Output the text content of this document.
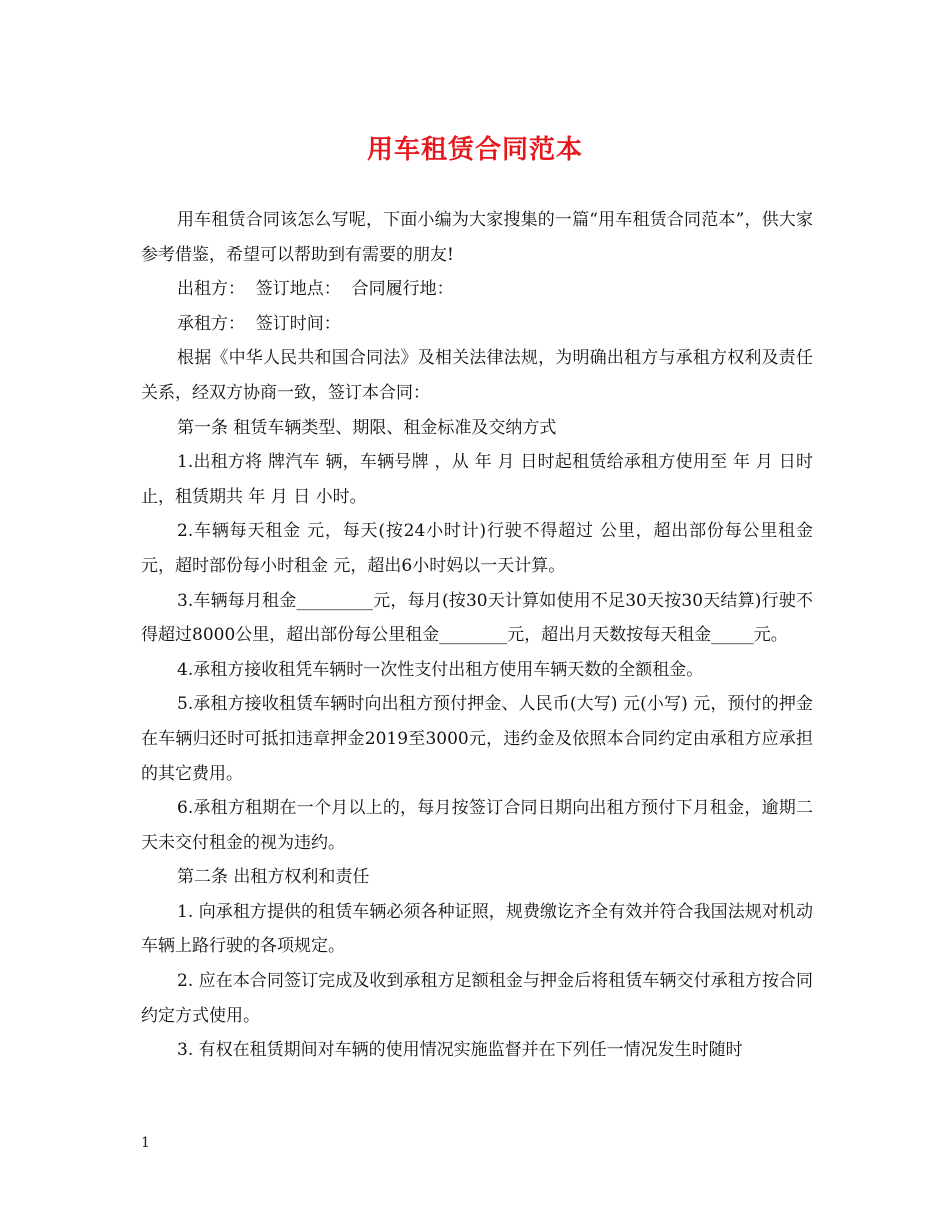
用车租赁合同范本

用车租赁合同该怎么写呢，下面小编为大家搜集的一篇“用车租赁合同范本”，供大家参考借鉴，希望可以帮助到有需要的朋友!

出租方：  签订地点：  合同履行地：

承租方：  签订时间：

根据《中华人民共和国合同法》及相关法律法规，为明确出租方与承租方权利及责任关系，经双方协商一致，签订本合同：

第一条 租赁车辆类型、期限、租金标准及交纳方式

1.出租方将 牌汽车 辆，车辆号牌 ，从 年 月 日时起租赁给承租方使用至 年 月 日时止，租赁期共 年 月 日 小时。

2.车辆每天租金 元，每天(按24小时计)行驶不得超过 公里，超出部份每公里租金 元，超时部份每小时租金 元，超出6小时妈以一天计算。

3.车辆每月租金_________元，每月(按30天计算如使用不足30天按30天结算)行驶不得超过8000公里，超出部份每公里租金________元，超出月天数按每天租金_____元。

4.承租方接收租凭车辆时一次性支付出租方使用车辆天数的全额租金。

5.承租方接收租赁车辆时向出租方预付押金、人民币(大写) 元(小写) 元，预付的押金在车辆归还时可抵扣违章押金2019至3000元，违约金及依照本合同约定由承租方应承担的其它费用。

6.承租方租期在一个月以上的，每月按签订合同日期向出租方预付下月租金，逾期二天未交付租金的视为违约。

第二条 出租方权利和责任

1. 向承租方提供的租赁车辆必须各种证照，规费缴讫齐全有效并符合我国法规对机动车辆上路行驶的各项规定。

2. 应在本合同签订完成及收到承租方足额租金与押金后将租赁车辆交付承租方按合同约定方式使用。

3. 有权在租赁期间对车辆的使用情况实施监督并在下列任一情况发生时随时

1
